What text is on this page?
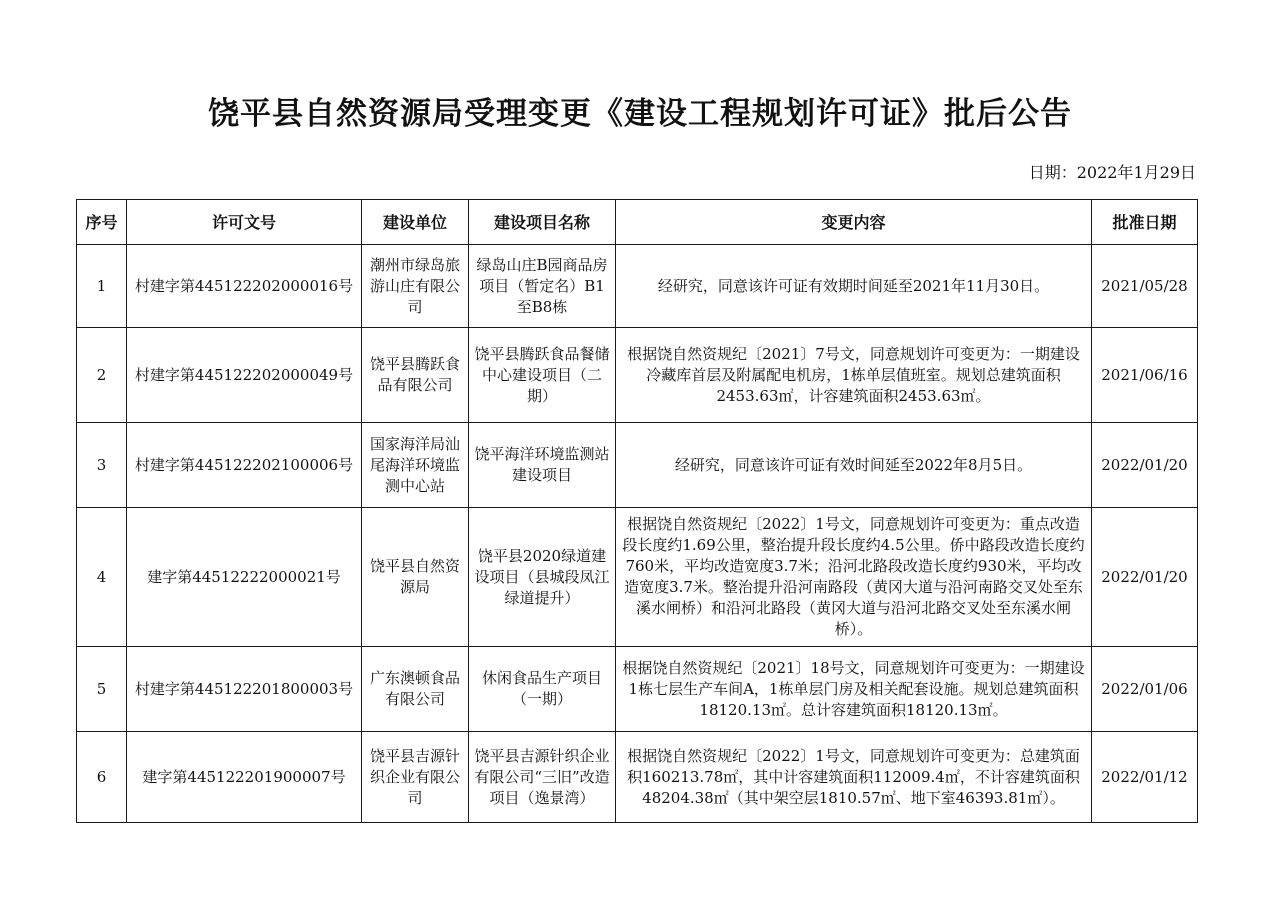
饶平县自然资源局受理变更《建设工程规划许可证》批后公告
日期：2022年1月29日
序号	许可文号	建设单位	建设项目名称	变更内容	批准日期
1	村建字第445122202000016号	潮州市绿岛旅游山庄有限公司	绿岛山庄B园商品房项目（暂定名）B1至B8栋	经研究，同意该许可证有效期时间延至2021年11月30日。	2021/05/28
2	村建字第445122202000049号	饶平县腾跃食品有限公司	饶平县腾跃食品餐储中心建设项目（二期）	根据饶自然资规纪〔2021〕7号文，同意规划许可变更为：一期建设冷藏库首层及附属配电机房，1栋单层值班室。规划总建筑面积2453.63㎡，计容建筑面积2453.63㎡。	2021/06/16
3	村建字第445122202100006号	国家海洋局汕尾海洋环境监测中心站	饶平海洋环境监测站建设项目	经研究，同意该许可证有效时间延至2022年8月5日。	2022/01/20
4	建字第44512222000021号	饶平县自然资源局	饶平县2020绿道建设项目（县城段凤江绿道提升）	根据饶自然资规纪〔2022〕1号文，同意规划许可变更为：重点改造段长度约1.69公里，整治提升段长度约4.5公里。侨中路段改造长度约760米，平均改造宽度3.7米；沿河北路段改造长度约930米，平均改造宽度3.7米。整治提升沿河南路段（黄冈大道与沿河南路交叉处至东溪水闸桥）和沿河北路段（黄冈大道与沿河北路交叉处至东溪水闸桥）。	2022/01/20
5	村建字第445122201800003号	广东澳顿食品有限公司	休闲食品生产项目（一期）	根据饶自然资规纪〔2021〕18号文，同意规划许可变更为：一期建设1栋七层生产车间A，1栋单层门房及相关配套设施。规划总建筑面积18120.13㎡。总计容建筑面积18120.13㎡。	2022/01/06
6	建字第445122201900007号	饶平县吉源针织企业有限公司	饶平县吉源针织企业有限公司“三旧”改造项目（逸景湾）	根据饶自然资规纪〔2022〕1号文，同意规划许可变更为：总建筑面积160213.78㎡，其中计容建筑面积112009.4㎡，不计容建筑面积48204.38㎡（其中架空层1810.57㎡、地下室46393.81㎡）。	2022/01/12
